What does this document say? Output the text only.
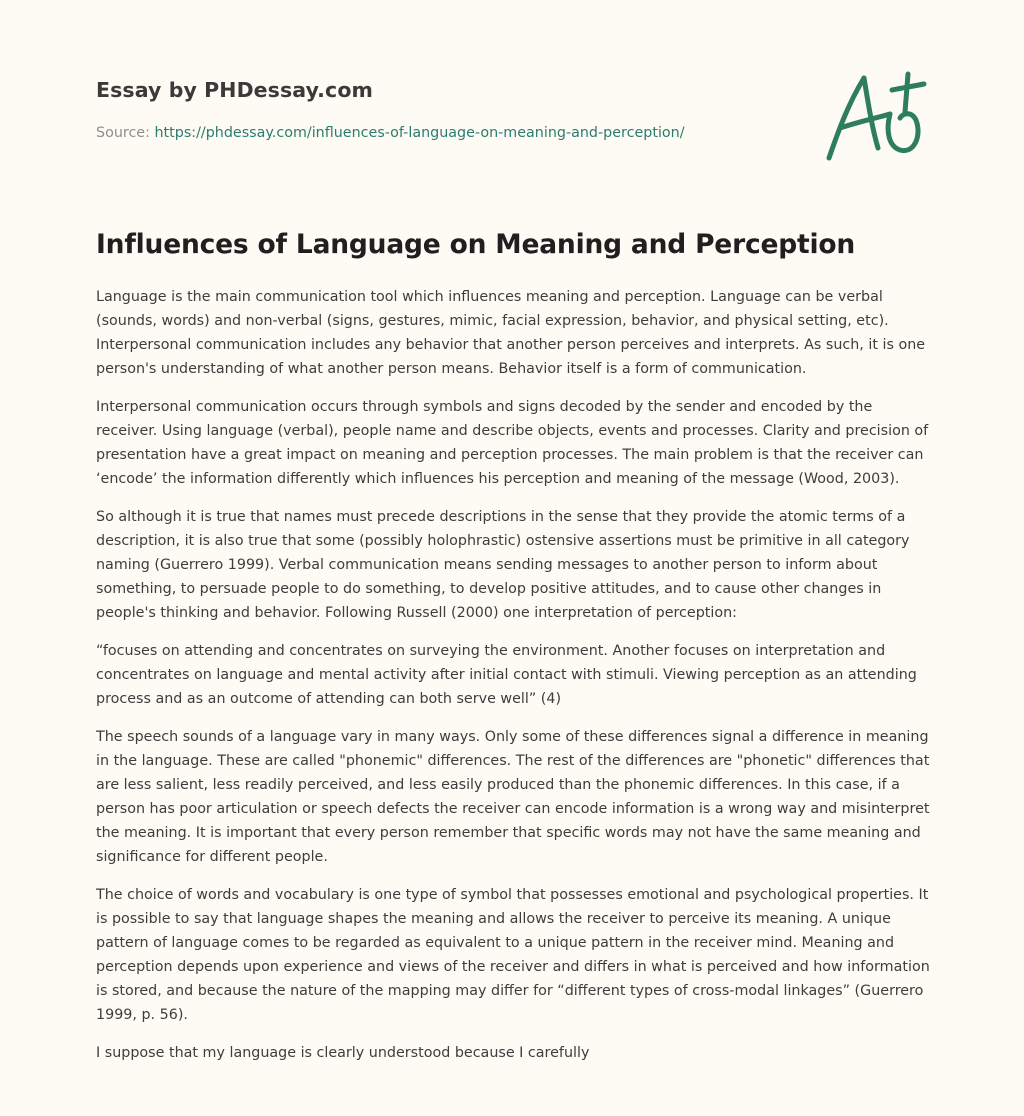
Essay by PHDessay.com
Source: https://phdessay.com/influences-of-language-on-meaning-and-perception/
Influences of Language on Meaning and Perception

Language is the main communication tool which influences meaning and perception. Language can be verbal (sounds, words) and non-verbal (signs, gestures, mimic, facial expression, behavior, and physical setting, etc). Interpersonal communication includes any behavior that another person perceives and interprets. As such, it is one person's understanding of what another person means. Behavior itself is a form of communication.

Interpersonal communication occurs through symbols and signs decoded by the sender and encoded by the receiver. Using language (verbal), people name and describe objects, events and processes. Clarity and precision of presentation have a great impact on meaning and perception processes. The main problem is that the receiver can ‘encode’ the information differently which influences his perception and meaning of the message (Wood, 2003).

So although it is true that names must precede descriptions in the sense that they provide the atomic terms of a description, it is also true that some (possibly holophrastic) ostensive assertions must be primitive in all category naming (Guerrero 1999). Verbal communication means sending messages to another person to inform about something, to persuade people to do something, to develop positive attitudes, and to cause other changes in people's thinking and behavior. Following Russell (2000) one interpretation of perception:

“focuses on attending and concentrates on surveying the environment. Another focuses on interpretation and concentrates on language and mental activity after initial contact with stimuli. Viewing perception as an attending process and as an outcome of attending can both serve well” (4)

The speech sounds of a language vary in many ways. Only some of these differences signal a difference in meaning in the language. These are called "phonemic" differences. The rest of the differences are "phonetic" differences that are less salient, less readily perceived, and less easily produced than the phonemic differences. In this case, if a person has poor articulation or speech defects the receiver can encode information is a wrong way and misinterpret the meaning. It is important that every person remember that specific words may not have the same meaning and significance for different people.

The choice of words and vocabulary is one type of symbol that possesses emotional and psychological properties. It is possible to say that language shapes the meaning and allows the receiver to perceive its meaning. A unique pattern of language comes to be regarded as equivalent to a unique pattern in the receiver mind. Meaning and perception depends upon experience and views of the receiver and differs in what is perceived and how information is stored, and because the nature of the mapping may differ for “different types of cross-modal linkages” (Guerrero 1999, p. 56).

I suppose that my language is clearly understood because I carefully
